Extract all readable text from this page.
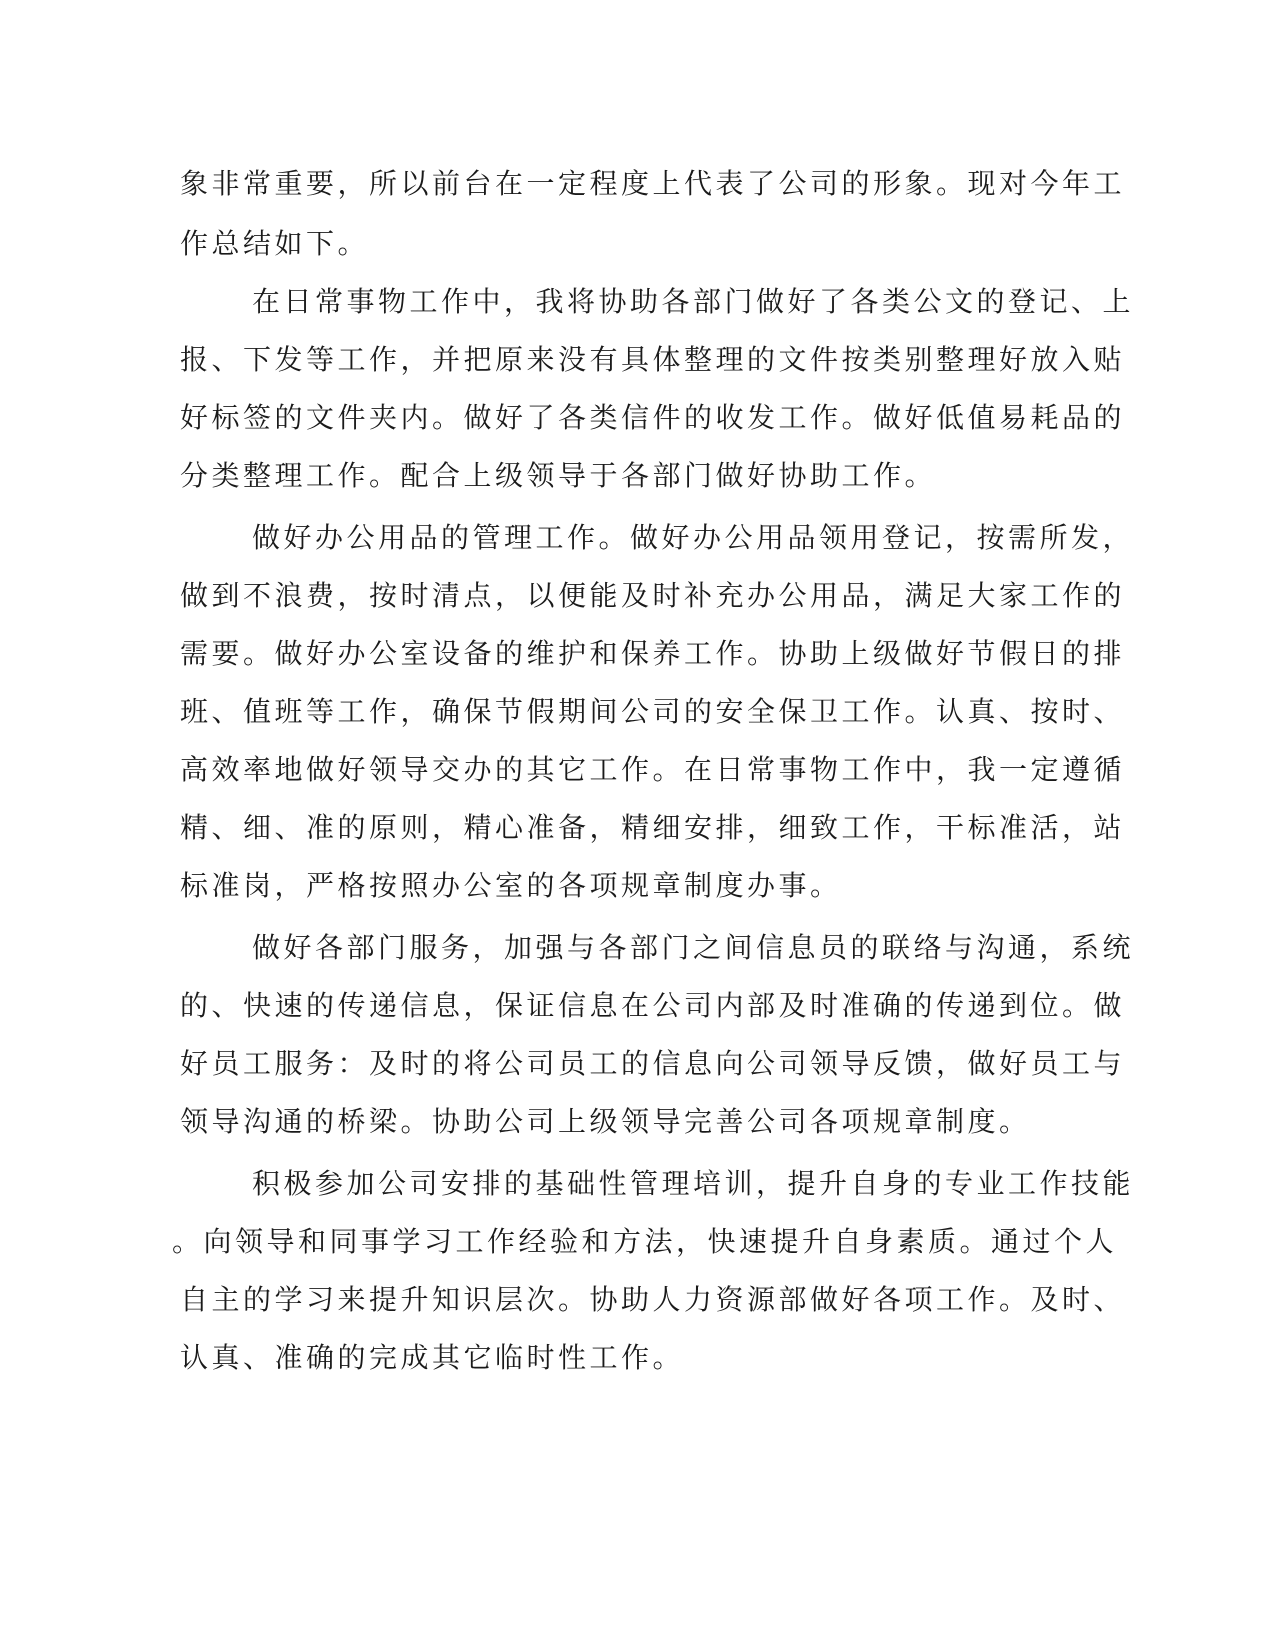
象非常重要，所以前台在一定程度上代表了公司的形象。现对今年工
作总结如下。
在日常事物工作中，我将协助各部门做好了各类公文的登记、上
报、下发等工作，并把原来没有具体整理的文件按类别整理好放入贴
好标签的文件夹内。做好了各类信件的收发工作。做好低值易耗品的
分类整理工作。配合上级领导于各部门做好协助工作。
做好办公用品的管理工作。做好办公用品领用登记，按需所发，
做到不浪费，按时清点，以便能及时补充办公用品，满足大家工作的
需要。做好办公室设备的维护和保养工作。协助上级做好节假日的排
班、值班等工作，确保节假期间公司的安全保卫工作。认真、按时、
高效率地做好领导交办的其它工作。在日常事物工作中，我一定遵循
精、细、准的原则，精心准备，精细安排，细致工作，干标准活，站
标准岗，严格按照办公室的各项规章制度办事。
做好各部门服务，加强与各部门之间信息员的联络与沟通，系统
的、快速的传递信息，保证信息在公司内部及时准确的传递到位。做
好员工服务：及时的将公司员工的信息向公司领导反馈，做好员工与
领导沟通的桥梁。协助公司上级领导完善公司各项规章制度。
积极参加公司安排的基础性管理培训，提升自身的专业工作技能
。向领导和同事学习工作经验和方法，快速提升自身素质。通过个人
自主的学习来提升知识层次。协助人力资源部做好各项工作。及时、
认真、准确的完成其它临时性工作。
